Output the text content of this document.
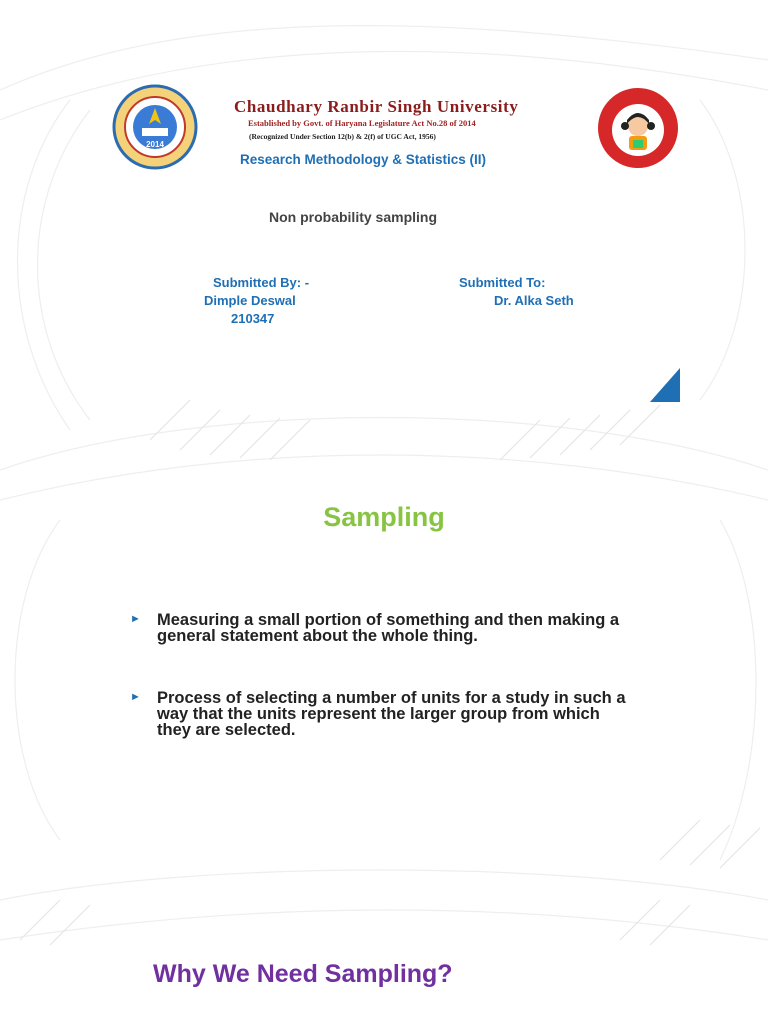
2014
Chaudhary Ranbir Singh University
Established by Govt. of Haryana Legislature Act No.28 of 2014
(Recognized Under Section 12(b) & 2(f) of UGC Act, 1956)
Research Methodology & Statistics (II)
Non probability sampling
Submitted By: -
Dimple Deswal
210347
Submitted To:
Dr. Alka Seth
Sampling
► Measuring a small portion of something and then making a general statement about the whole thing.
► Process of selecting a number of units for a study in such a way that the units represent the larger group from which they are selected.
Why We Need Sampling?
